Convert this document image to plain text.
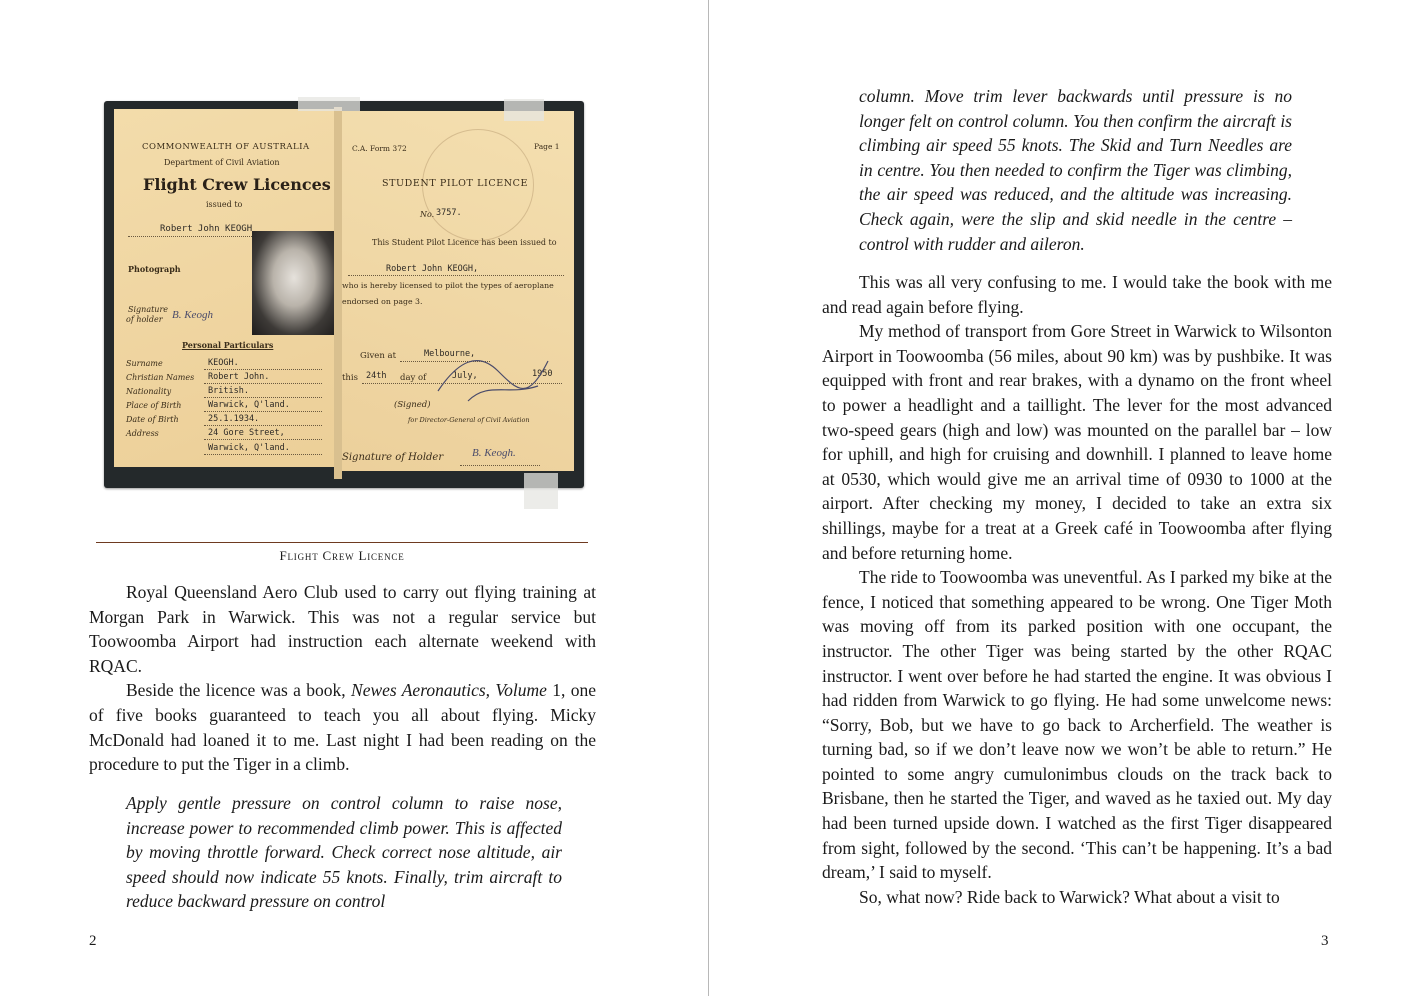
COMMONWEALTH OF AUSTRALIA
Department of Civil Aviation
Flight Crew Licences
issued to
Robert John KEOGH
Photograph
Signature
of holder B. Keogh
Personal Particulars
Surname	KEOGH.
Christian Names Robert John.
Nationality	British.
Place of Birth	Warwick, Q'land.
Date of Birth	25.1.1934.
Address	24 Gore Street,
Warwick, Q'land.
C.A. Form 372	Page 1
STUDENT PILOT LICENCE
No. 3757.
This Student Pilot Licence has been issued to
Robert John KEOGH,
who is hereby licensed to pilot the types of aeroplane
endorsed on page 3.
Given at	Melbourne,
this 24th day of	July,	1950
(Signed)
for Director-General of Civil Aviation
Signature of Holder	B. Keogh.
Flight Crew Licence

Royal Queensland Aero Club used to carry out flying training at Morgan Park in Warwick. This was not a regular service but Toowoomba Airport had instruction each alternate weekend with RQAC.

Beside the licence was a book, Newes Aeronautics, Volume 1, one of five books guaranteed to teach you all about flying. Micky McDonald had loaned it to me. Last night I had been reading on the procedure to put the Tiger in a climb.

Apply gentle pressure on control column to raise nose, increase power to recommended climb power. This is affected by moving throttle forward. Check correct nose altitude, air speed should now indicate 55 knots. Finally, trim aircraft to reduce backward pressure on control

2

column. Move trim lever backwards until pressure is no longer felt on control column. You then confirm the aircraft is climbing air speed 55 knots. The Skid and Turn Needles are in centre. You then needed to confirm the Tiger was climbing, the air speed was reduced, and the altitude was increasing. Check again, were the slip and skid needle in the centre – control with rudder and aileron.

This was all very confusing to me. I would take the book with me and read again before flying.

My method of transport from Gore Street in Warwick to Wilsonton Airport in Toowoomba (56 miles, about 90 km) was by pushbike. It was equipped with front and rear brakes, with a dynamo on the front wheel to power a headlight and a taillight. The lever for the most advanced two-speed gears (high and low) was mounted on the parallel bar – low for uphill, and high for cruising and downhill. I planned to leave home at 0530, which would give me an arrival time of 0930 to 1000 at the airport. After checking my money, I decided to take an extra six shillings, maybe for a treat at a Greek café in Toowoomba after flying and before returning home.

The ride to Toowoomba was uneventful. As I parked my bike at the fence, I noticed that something appeared to be wrong. One Tiger Moth was moving off from its parked position with one occupant, the instructor. The other Tiger was being started by the other RQAC instructor. I went over before he had started the engine. It was obvious I had ridden from Warwick to go flying. He had some unwelcome news: “Sorry, Bob, but we have to go back to Archerfield. The weather is turning bad, so if we don’t leave now we won’t be able to return.” He pointed to some angry cumulonimbus clouds on the track back to Brisbane, then he started the Tiger, and waved as he taxied out. My day had been turned upside down. I watched as the first Tiger disappeared from sight, followed by the second. ‘This can’t be happening. It’s a bad dream,’ I said to myself.

So, what now? Ride back to Warwick? What about a visit to

3
